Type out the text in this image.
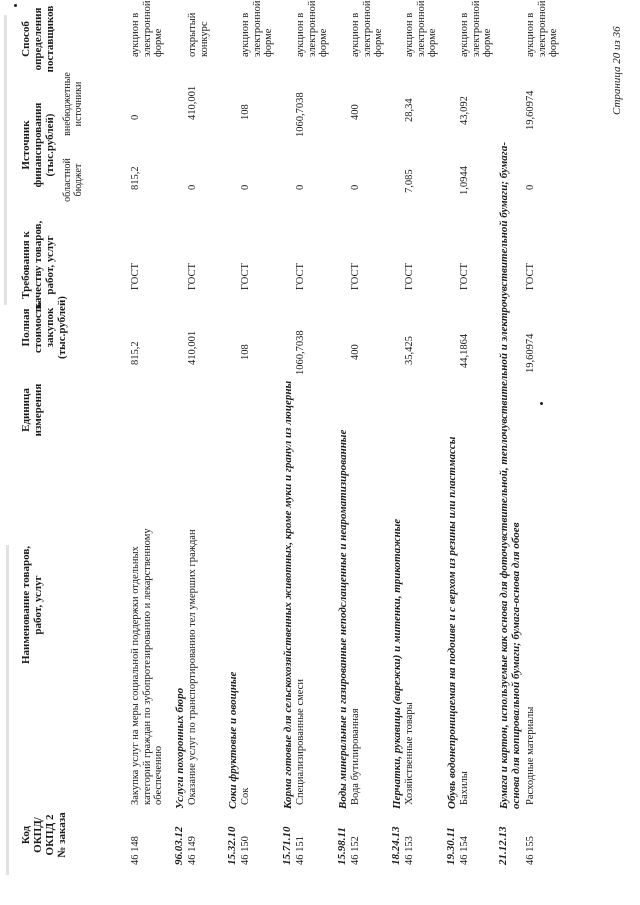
Код ОКПД/ ОКПД 2 № заказа
Наименование товаров, работ, услуг
Единица измерения
Полная стоимость закупок (тыс.рублей)
Требования к качеству товаров, работ, услуг
Источник финансирования (тыс.рублей)
областной бюджет
внебюджетные источники
Способ определения поставщиков
46 148
Закупка услуг на меры социальной поддержки отдельных категорий граждан по зубопротезированию и лекарственному обеспечению
815,2
ГОСТ
815,2
0
аукцион в электронной форме
96.03.12
Услуги похоронных бюро
46 149
Оказание услуг по транспортированию тел умерших граждан
410,001
ГОСТ
0
410,001
открытый конкурс
15.32.10
Соки фруктовые и овощные
46 150
Сок
108
ГОСТ
0
108
аукцион в электронной форме
15.71.10
Корма готовые для сельскохозяйственных животных, кроме муки и гранул из люцерны
46 151
Специализированные смеси
1060,7038
ГОСТ
0
1060,7038
аукцион в электронной форме
15.98.11
Воды минеральные и газированные неподслащенные и неароматизированные
46 152
Вода бутилированная
400
ГОСТ
0
400
аукцион в электронной форме
18.24.13
Перчатки, рукавицы (варежки) и митенки, трикотажные
46 153
Хозяйственные товары
35,425
ГОСТ
7,085
28,34
аукцион в электронной форме
19.30.11
Обувь водонепроницаемая на подошве и с верхом из резины или пластмассы
46 154
Бахилы
44,1864
ГОСТ
1,0944
43,092
аукцион в электронной форме
21.12.13
Бумага и картон, используемые как основа для фоточувствительной, теплочувствительной и электрочувствительной бумаги; бумага- основа для копировальной бумаги; бумага-основа для обоев
46 155
Расходные материалы
19,60974
ГОСТ
0
19,60974
аукцион в электронной форме	Страница 20 из 36
